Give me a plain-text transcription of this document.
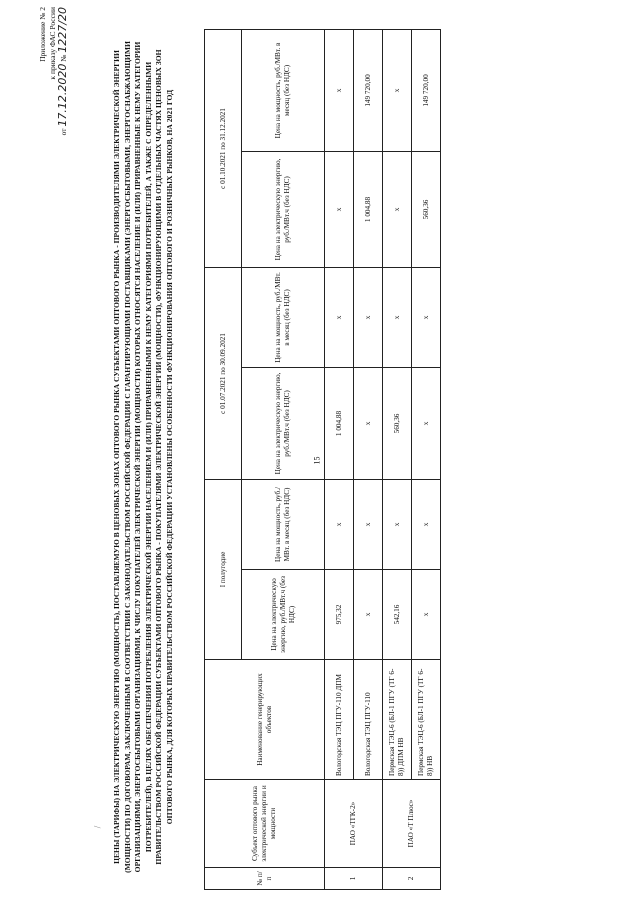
15
/
Приложение № 2 к приказу ФАС России
от 17.12.2020 № 1227/20
ЦЕНЫ (ТАРИФЫ) НА ЭЛЕКТРИЧЕСКУЮ ЭНЕРГИЮ (МОЩНОСТЬ), ПОСТАВЛЯЕМУЮ В ЦЕНОВЫХ ЗОНАХ ОПТОВОГО РЫНКА СУБЪЕКТАМИ ОПТОВОГО РЫНКА - ПРОИЗВОДИТЕЛЯМИ ЭЛЕКТРИЧЕСКОЙ ЭНЕРГИИ (МОЩНОСТИ) ПО ДОГОВОРАМ, ЗАКЛЮЧЕННЫМ В СООТВЕТСТВИИ С ЗАКОНОДАТЕЛЬСТВОМ РОССИЙСКОЙ ФЕДЕРАЦИИ С ГАРАНТИРУЮЩИМИ ПОСТАВЩИКАМИ (ЭНЕРГОСБЫТОВЫМИ, ЭНЕРГОСНАБЖАЮЩИМИ ОРГАНИЗАЦИЯМИ, ЭНЕРГОСБЫТОВЫМИ ОРГАНИЗАЦИЯМИ, К ЧИСЛУ ПОКУПАТЕЛЕЙ ЭЛЕКТРИЧЕСКОЙ ЭНЕРГИИ (МОЩНОСТИ) КОТОРЫХ ОТНОСЯТСЯ НАСЕЛЕНИЕ И (ИЛИ) ПРИРАВНЕННЫЕ К НЕМУ КАТЕГОРИИ ПОТРЕБИТЕЛЕЙ), В ЦЕЛЯХ ОБЕСПЕЧЕНИЯ ПОТРЕБЛЕНИЯ ЭЛЕКТРИЧЕСКОЙ ЭНЕРГИИ НАСЕЛЕНИЕМ И (ИЛИ) ПРИРАВНЕННЫМИ К НЕМУ КАТЕГОРИЯМИ ПОТРЕБИТЕЛЕЙ, А ТАКЖЕ С ОПРЕДЕЛЕННЫМИ ПРАВИТЕЛЬСТВОМ РОССИЙСКОЙ ФЕДЕРАЦИИ СУБЪЕКТАМИ ОПТОВОГО РЫНКА - ПОКУПАТЕЛЯМИ ЭЛЕКТРИЧЕСКОЙ ЭНЕРГИИ (МОЩНОСТИ), ФУНКЦИОНИРУЮЩИМИ В ОТДЕЛЬНЫХ ЧАСТЯХ ЦЕНОВЫХ ЗОН ОПТОВОГО РЫНКА, ДЛЯ КОТОРЫХ ПРАВИТЕЛЬСТВОМ РОССИЙСКОЙ ФЕДЕРАЦИИ УСТАНОВЛЕНЫ ОСОБЕННОСТИ ФУНКЦИОНИРОВАНИЯ ОПТОВОГО И РОЗНИЧНЫХ РЫНКОВ, НА 2021 ГОД
№ п/п	Субъект оптового рынка электрической энергии и мощности	Наименование генерирующих объектов	I полугодие		с 01.07.2021 по 30.09.2021		с 01.10.2021 по 31.12.2021	
			Цена на электрическую энергию, руб./МВт.ч (без НДС)	Цена на мощность, руб./МВт. в месяц (без НДС)	Цена на электрическую энергию, руб./МВт.ч (без НДС)	Цена на мощность, руб./МВт. в месяц (без НДС)	Цена на электрическую энергию, руб./МВт.ч (без НДС)	Цена на мощность, руб./МВт. в месяц (без НДС)
1	ПАО «ТГК-2»	Вологодская ТЭЦ ПГУ-110 ДПМ	975,32	x	1 004,88	x	x	x
		Вологодская ТЭЦ ПГУ-110	x	x	x	x	1 004,88	149 720,00
2	ПАО «Т Плюс»	Пермская ТЭЦ-6 (БЛ-1 ПГУ (ТГ 6-8)) ДПМ НВ	542,16	x	560,36	x	x	x
		Пермская ТЭЦ-6 (БЛ-1 ПГУ (ТГ 6-8)) НВ	x	x	x	x	560,36	149 720,00
